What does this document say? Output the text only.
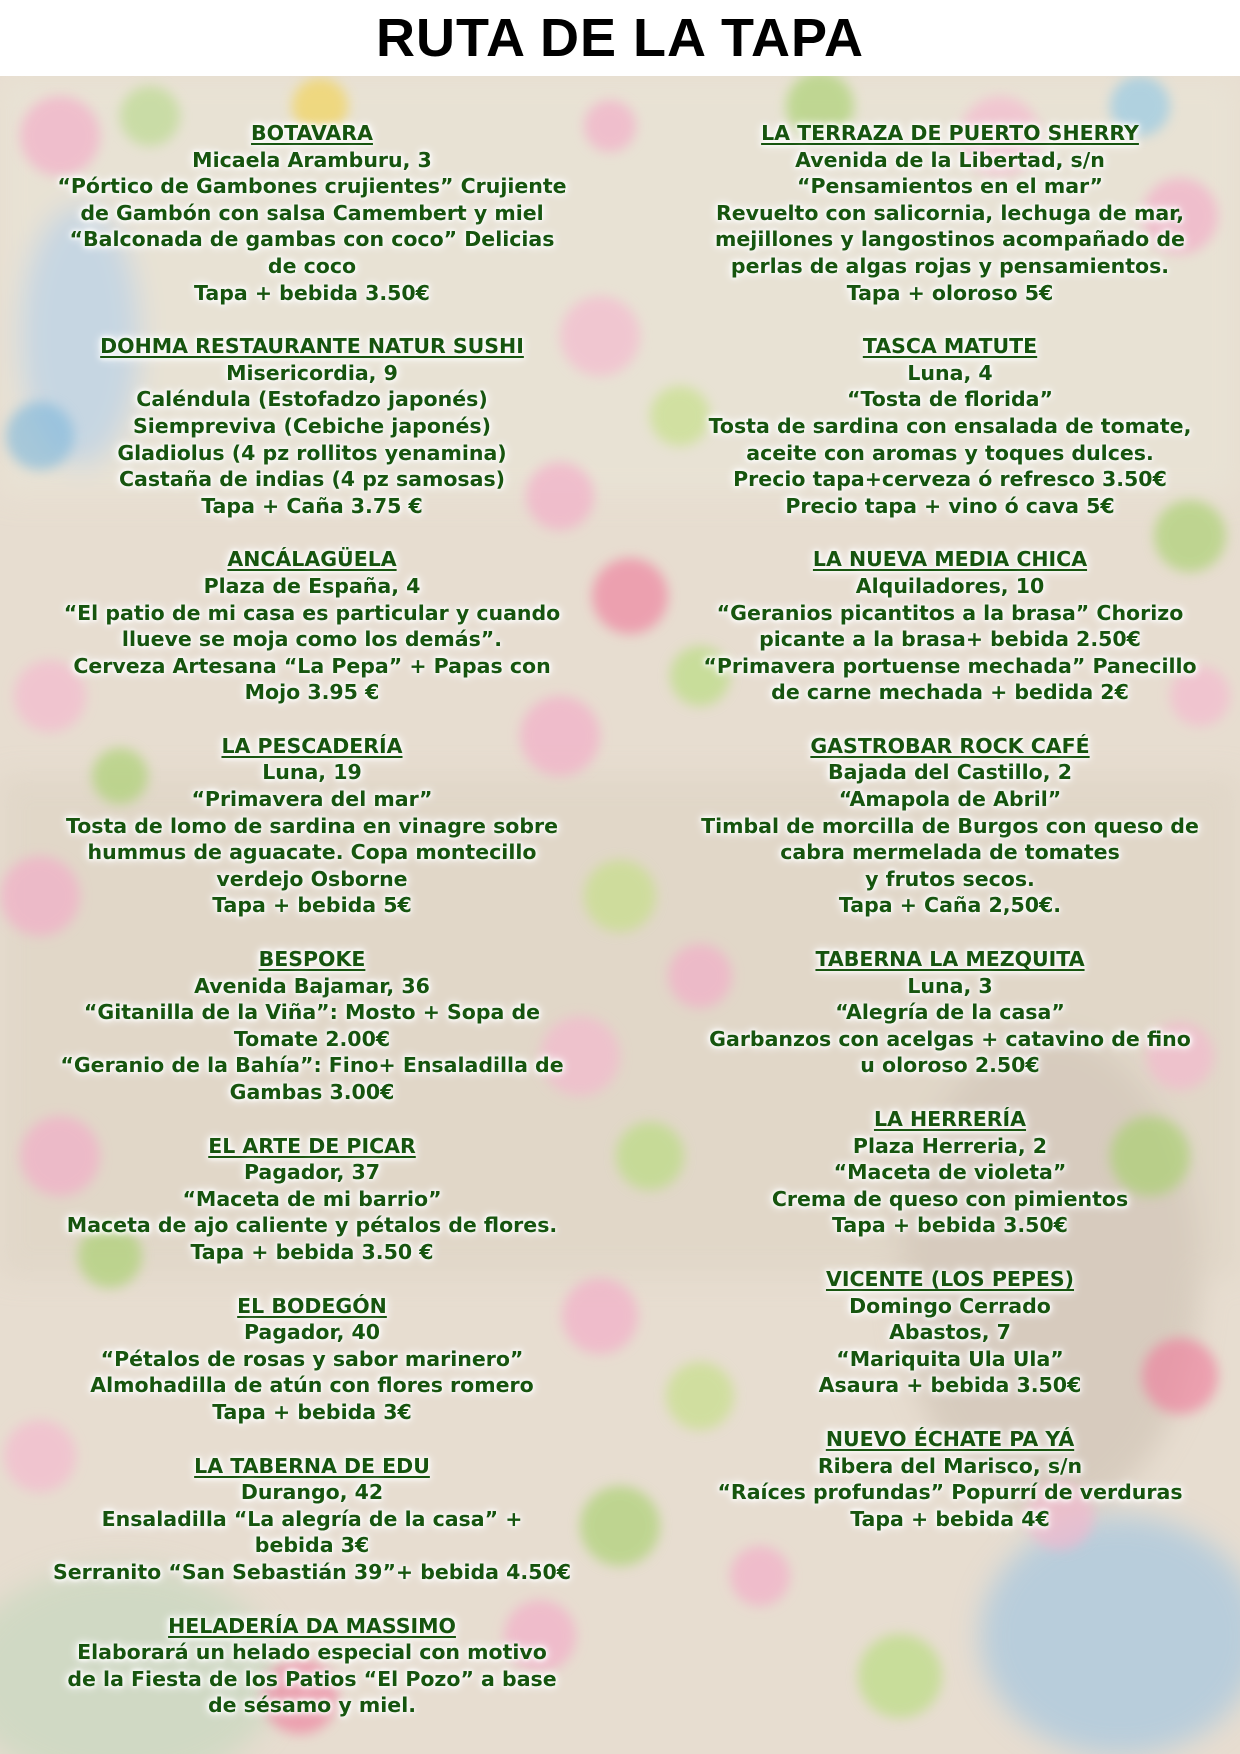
RUTA DE LA TAPA
BOTAVARA
Micaela Aramburu, 3
“Pórtico de Gambones crujientes” Crujiente
de Gambón con salsa Camembert y miel
“Balconada de gambas con coco” Delicias
de coco
Tapa + bebida 3.50€
DOHMA RESTAURANTE NATUR SUSHI
Misericordia, 9
Caléndula (Estofadzo japonés)
Siempreviva (Cebiche japonés)
Gladiolus (4 pz rollitos yenamina)
Castaña de indias (4 pz samosas)
Tapa + Caña 3.75 €
ANCÁLAGÜELA
Plaza de España, 4
“El patio de mi casa es particular y cuando
llueve se moja como los demás”.
Cerveza Artesana “La Pepa” + Papas con
Mojo 3.95 €
LA PESCADERÍA
Luna, 19
“Primavera del mar”
Tosta de lomo de sardina en vinagre sobre
hummus de aguacate. Copa montecillo
verdejo Osborne
Tapa + bebida 5€
BESPOKE
Avenida Bajamar, 36
“Gitanilla de la Viña”: Mosto + Sopa de
Tomate 2.00€
“Geranio de la Bahía”: Fino+ Ensaladilla de
Gambas 3.00€
EL ARTE DE PICAR
Pagador, 37
“Maceta de mi barrio”
Maceta de ajo caliente y pétalos de flores.
Tapa + bebida 3.50 €
EL BODEGÓN
Pagador, 40
“Pétalos de rosas y sabor marinero”
Almohadilla de atún con flores romero
Tapa + bebida 3€
LA TABERNA DE EDU
Durango, 42
Ensaladilla “La alegría de la casa” +
bebida 3€
Serranito “San Sebastián 39”+ bebida 4.50€
HELADERÍA DA MASSIMO
Elaborará un helado especial con motivo
de la Fiesta de los Patios “El Pozo” a base
de sésamo y miel.
LA TERRAZA DE PUERTO SHERRY
Avenida de la Libertad, s/n
“Pensamientos en el mar”
Revuelto con salicornia, lechuga de mar,
mejillones y langostinos acompañado de
perlas de algas rojas y pensamientos.
Tapa + oloroso 5€
TASCA MATUTE
Luna, 4
“Tosta de florida”
Tosta de sardina con ensalada de tomate,
aceite con aromas y toques dulces.
Precio tapa+cerveza ó refresco 3.50€
Precio tapa + vino ó cava 5€
LA NUEVA MEDIA CHICA
Alquiladores, 10
“Geranios picantitos a la brasa” Chorizo
picante a la brasa+ bebida 2.50€
“Primavera portuense mechada” Panecillo
de carne mechada + bedida 2€
GASTROBAR ROCK CAFÉ
Bajada del Castillo, 2
“Amapola de Abril”
Timbal de morcilla de Burgos con queso de
cabra mermelada de tomates
y frutos secos.
Tapa + Caña 2,50€.
TABERNA LA MEZQUITA
Luna, 3
“Alegría de la casa”
Garbanzos con acelgas + catavino de fino
u oloroso 2.50€
LA HERRERÍA
Plaza Herreria, 2
“Maceta de violeta”
Crema de queso con pimientos
Tapa + bebida 3.50€
VICENTE (LOS PEPES)
Domingo Cerrado
Abastos, 7
“Mariquita Ula Ula”
Asaura + bebida 3.50€
NUEVO ÉCHATE PA YÁ
Ribera del Marisco, s/n
“Raíces profundas” Popurrí de verduras
Tapa + bebida 4€
